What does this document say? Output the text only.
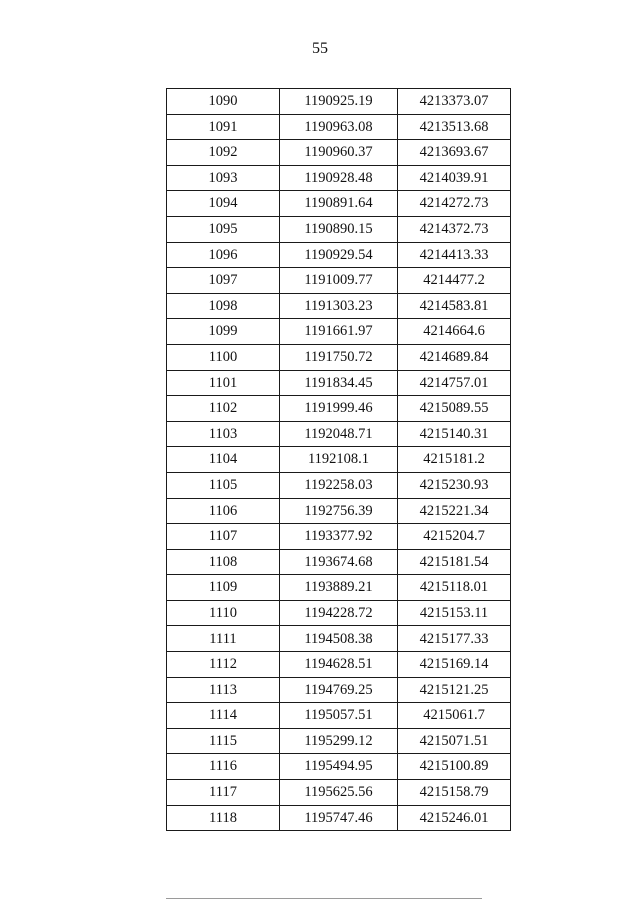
55
1090	1190925.19	4213373.07
1091	1190963.08	4213513.68
1092	1190960.37	4213693.67
1093	1190928.48	4214039.91
1094	1190891.64	4214272.73
1095	1190890.15	4214372.73
1096	1190929.54	4214413.33
1097	1191009.77	4214477.2
1098	1191303.23	4214583.81
1099	1191661.97	4214664.6
1100	1191750.72	4214689.84
1101	1191834.45	4214757.01
1102	1191999.46	4215089.55
1103	1192048.71	4215140.31
1104	1192108.1	4215181.2
1105	1192258.03	4215230.93
1106	1192756.39	4215221.34
1107	1193377.92	4215204.7
1108	1193674.68	4215181.54
1109	1193889.21	4215118.01
1110	1194228.72	4215153.11
1111	1194508.38	4215177.33
1112	1194628.51	4215169.14
1113	1194769.25	4215121.25
1114	1195057.51	4215061.7
1115	1195299.12	4215071.51
1116	1195494.95	4215100.89
1117	1195625.56	4215158.79
1118	1195747.46	4215246.01
